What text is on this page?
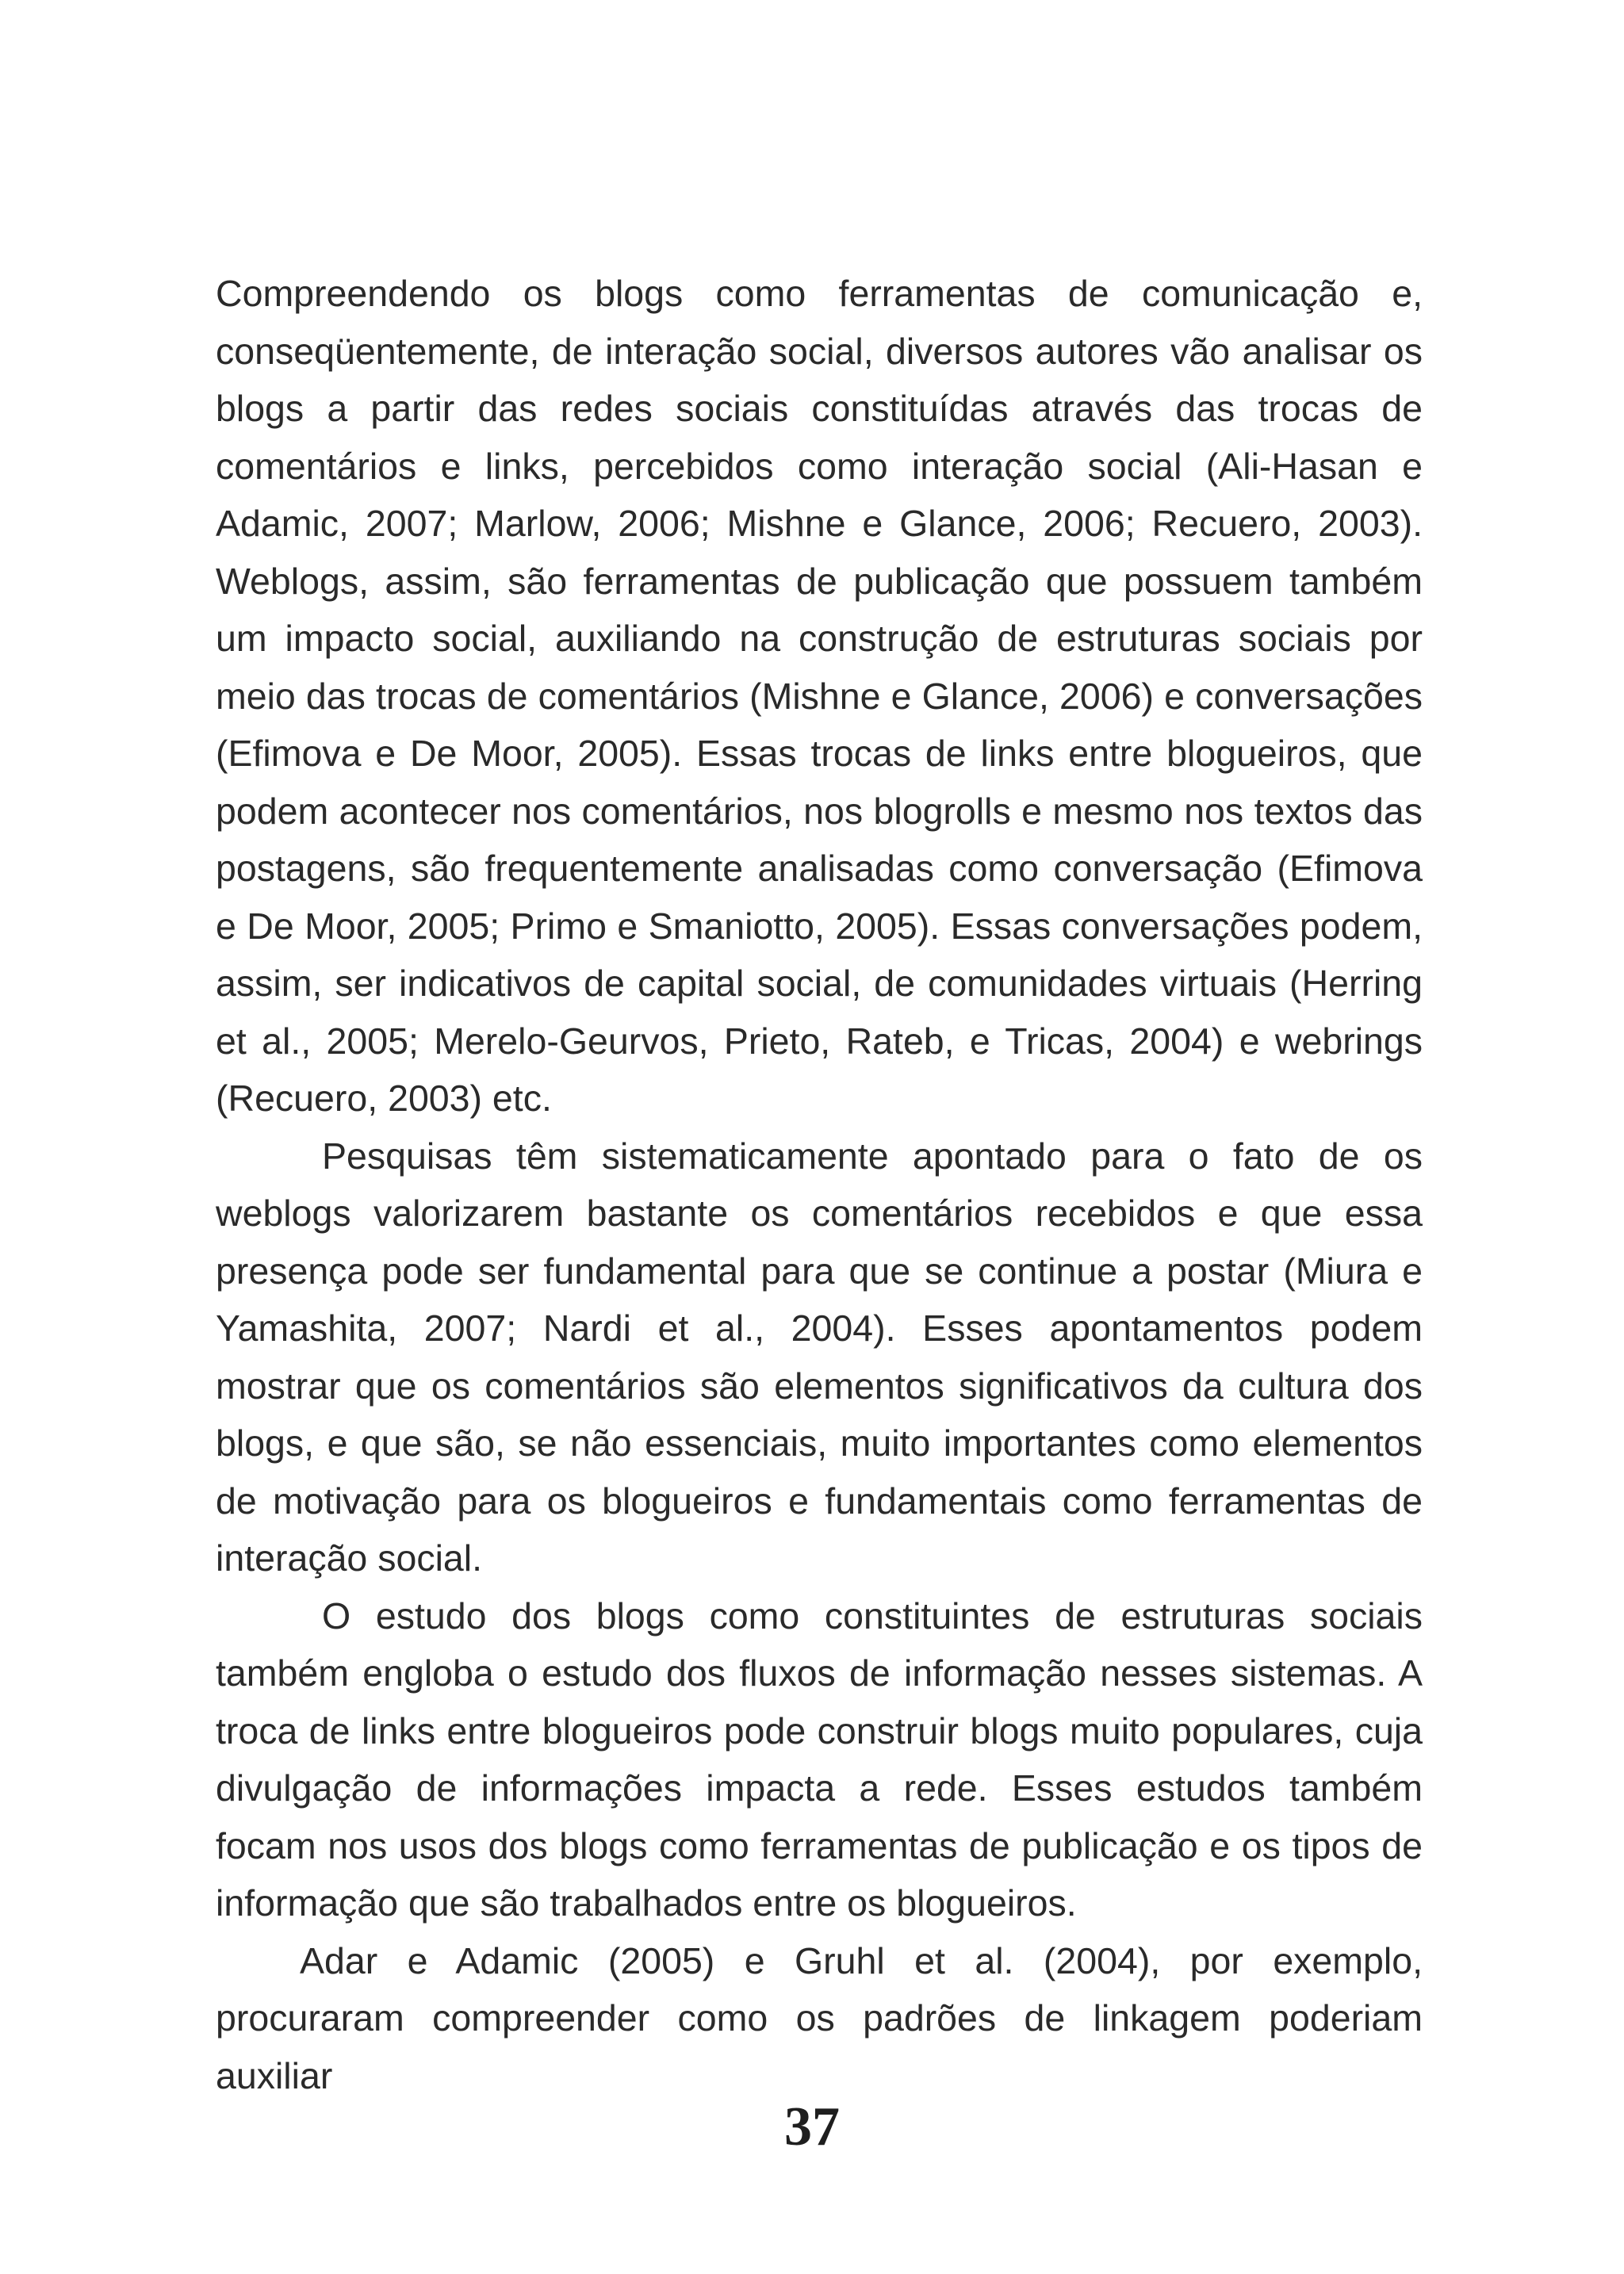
Compreendendo os blogs como ferramentas de comunicação e, conseqüentemente, de interação social, diversos autores vão analisar os blogs a partir das redes sociais constituídas através das trocas de comentários e links, percebidos como interação social (Ali-Hasan e Adamic, 2007; Marlow, 2006; Mishne e Glance, 2006; Recuero, 2003). Weblogs, assim, são ferramentas de publicação que possuem também um impacto social, auxiliando na construção de estruturas sociais por meio das trocas de comentários (Mishne e Glance, 2006) e conversações (Efimova e De Moor, 2005). Essas trocas de links entre blogueiros, que podem acontecer nos comentários, nos blogrolls e mesmo nos textos das postagens, são frequentemente analisadas como conversação (Efimova e De Moor, 2005; Primo e Smaniotto, 2005). Essas conversações podem, assim, ser indicativos de capital social, de comunidades virtuais (Herring et al., 2005; Merelo-Geurvos, Prieto, Rateb, e Tricas, 2004) e webrings (Recuero, 2003) etc.

Pesquisas têm sistematicamente apontado para o fato de os weblogs valorizarem bastante os comentários recebidos e que essa presença pode ser fundamental para que se continue a postar (Miura e Yamashita, 2007; Nardi et al., 2004). Esses apontamentos podem mostrar que os comentários são elementos significativos da cultura dos blogs, e que são, se não essenciais, muito importantes como elementos de motivação para os blogueiros e fundamentais como ferramentas de interação social.

O estudo dos blogs como constituintes de estruturas sociais também engloba o estudo dos fluxos de informação nesses sistemas. A troca de links entre blogueiros pode construir blogs muito populares, cuja divulgação de informações impacta a rede. Esses estudos também focam nos usos dos blogs como ferramentas de publicação e os tipos de informação que são trabalhados entre os blogueiros.

Adar e Adamic (2005) e Gruhl et al. (2004), por exemplo, procuraram compreender como os padrões de linkagem poderiam auxiliar

37
